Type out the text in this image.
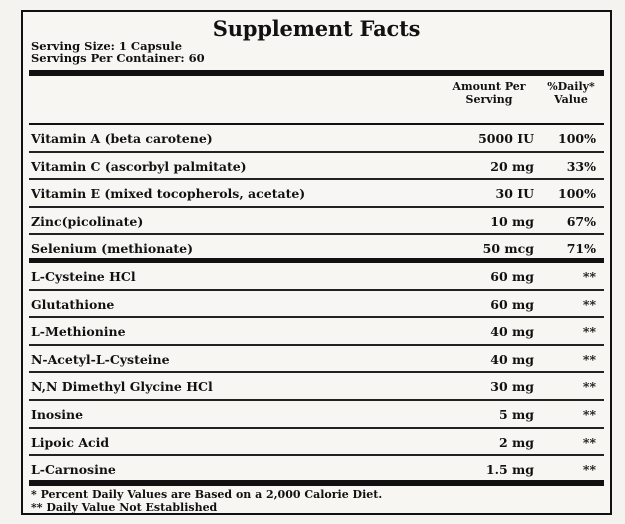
Supplement Facts
Serving Size: 1 Capsule
Servings Per Container: 60
Amount Per
Serving
%Daily*
Value
Vitamin A (beta carotene)	5000 IU	100%
Vitamin C (ascorbyl palmitate)	20 mg	33%
Vitamin E (mixed tocopherols, acetate)	30 IU	100%
Zinc(picolinate)	10 mg	67%
Selenium (methionate)	50 mcg	71%
L-Cysteine HCl	60 mg	**
Glutathione	60 mg	**
L-Methionine	40 mg	**
N-Acetyl-L-Cysteine	40 mg	**
N,N Dimethyl Glycine HCl	30 mg	**
Inosine	5 mg	**
Lipoic Acid	2 mg	**
L-Carnosine	1.5 mg	**
* Percent Daily Values are Based on a 2,000 Calorie Diet.
** Daily Value Not Established
